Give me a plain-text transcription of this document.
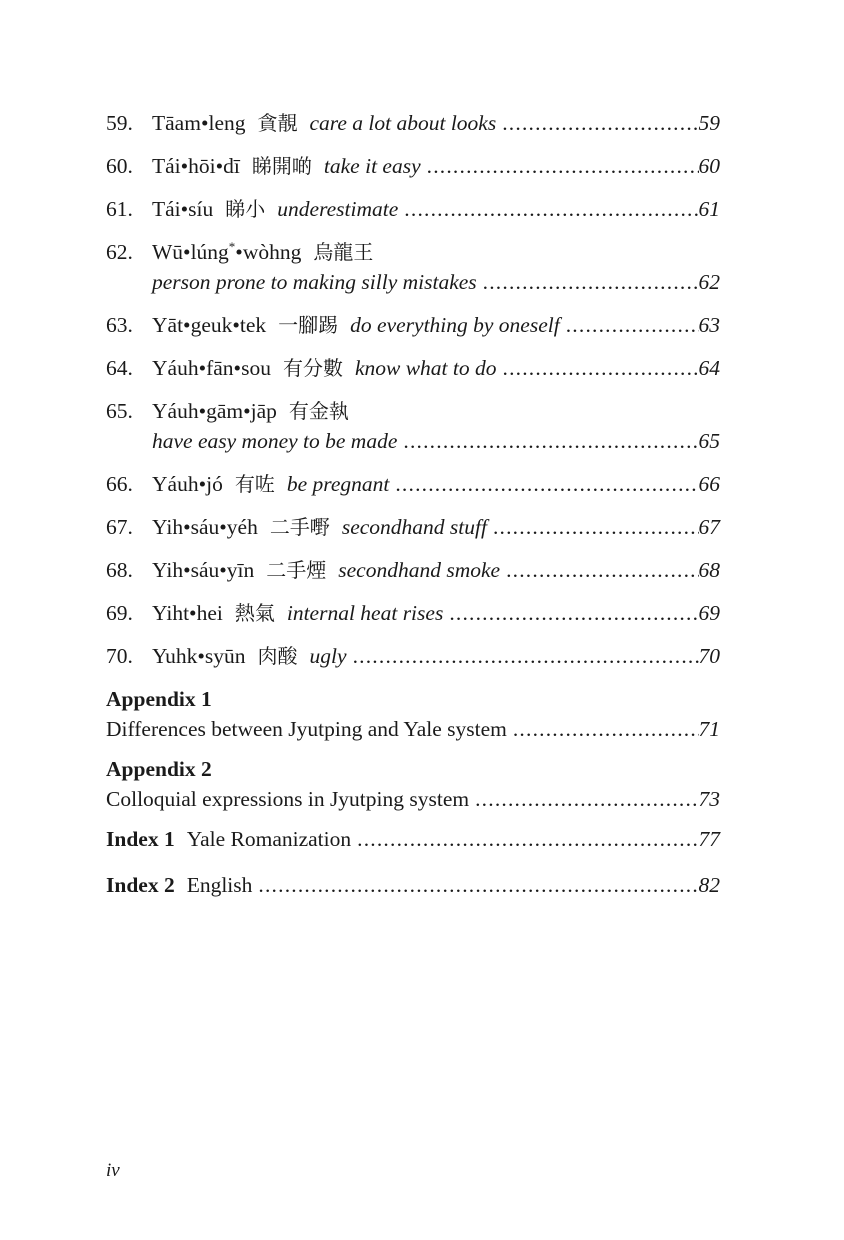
59. Tāam•leng 貪靚 care a lot about looks .....	59
60. Tái•hōi•dī 睇開啲 take it easy .....	60
61. Tái•síu 睇小 underestimate .....	61
62. Wū•lúng*•wòhng 烏龍王
person prone to making silly mistakes .....	62
63. Yāt•geuk•tek 一腳踢 do everything by oneself .....	63
64. Yáuh•fān•sou 有分數 know what to do .....	64
65. Yáuh•gām•jāp 有金執
have easy money to be made .....	65
66. Yáuh•jó 有咗 be pregnant .....	66
67. Yih•sáu•yéh 二手嘢 secondhand stuff .....	67
68. Yih•sáu•yīn 二手煙 secondhand smoke .....	68
69. Yiht•hei 熱氣 internal heat rises .....	69
70. Yuhk•syūn 肉酸 ugly .....	70
Appendix 1
Differences between Jyutping and Yale system .....	71
Appendix 2
Colloquial expressions in Jyutping system .....	73
Index 1 Yale Romanization .....	77
Index 2 English .....	82
iv
